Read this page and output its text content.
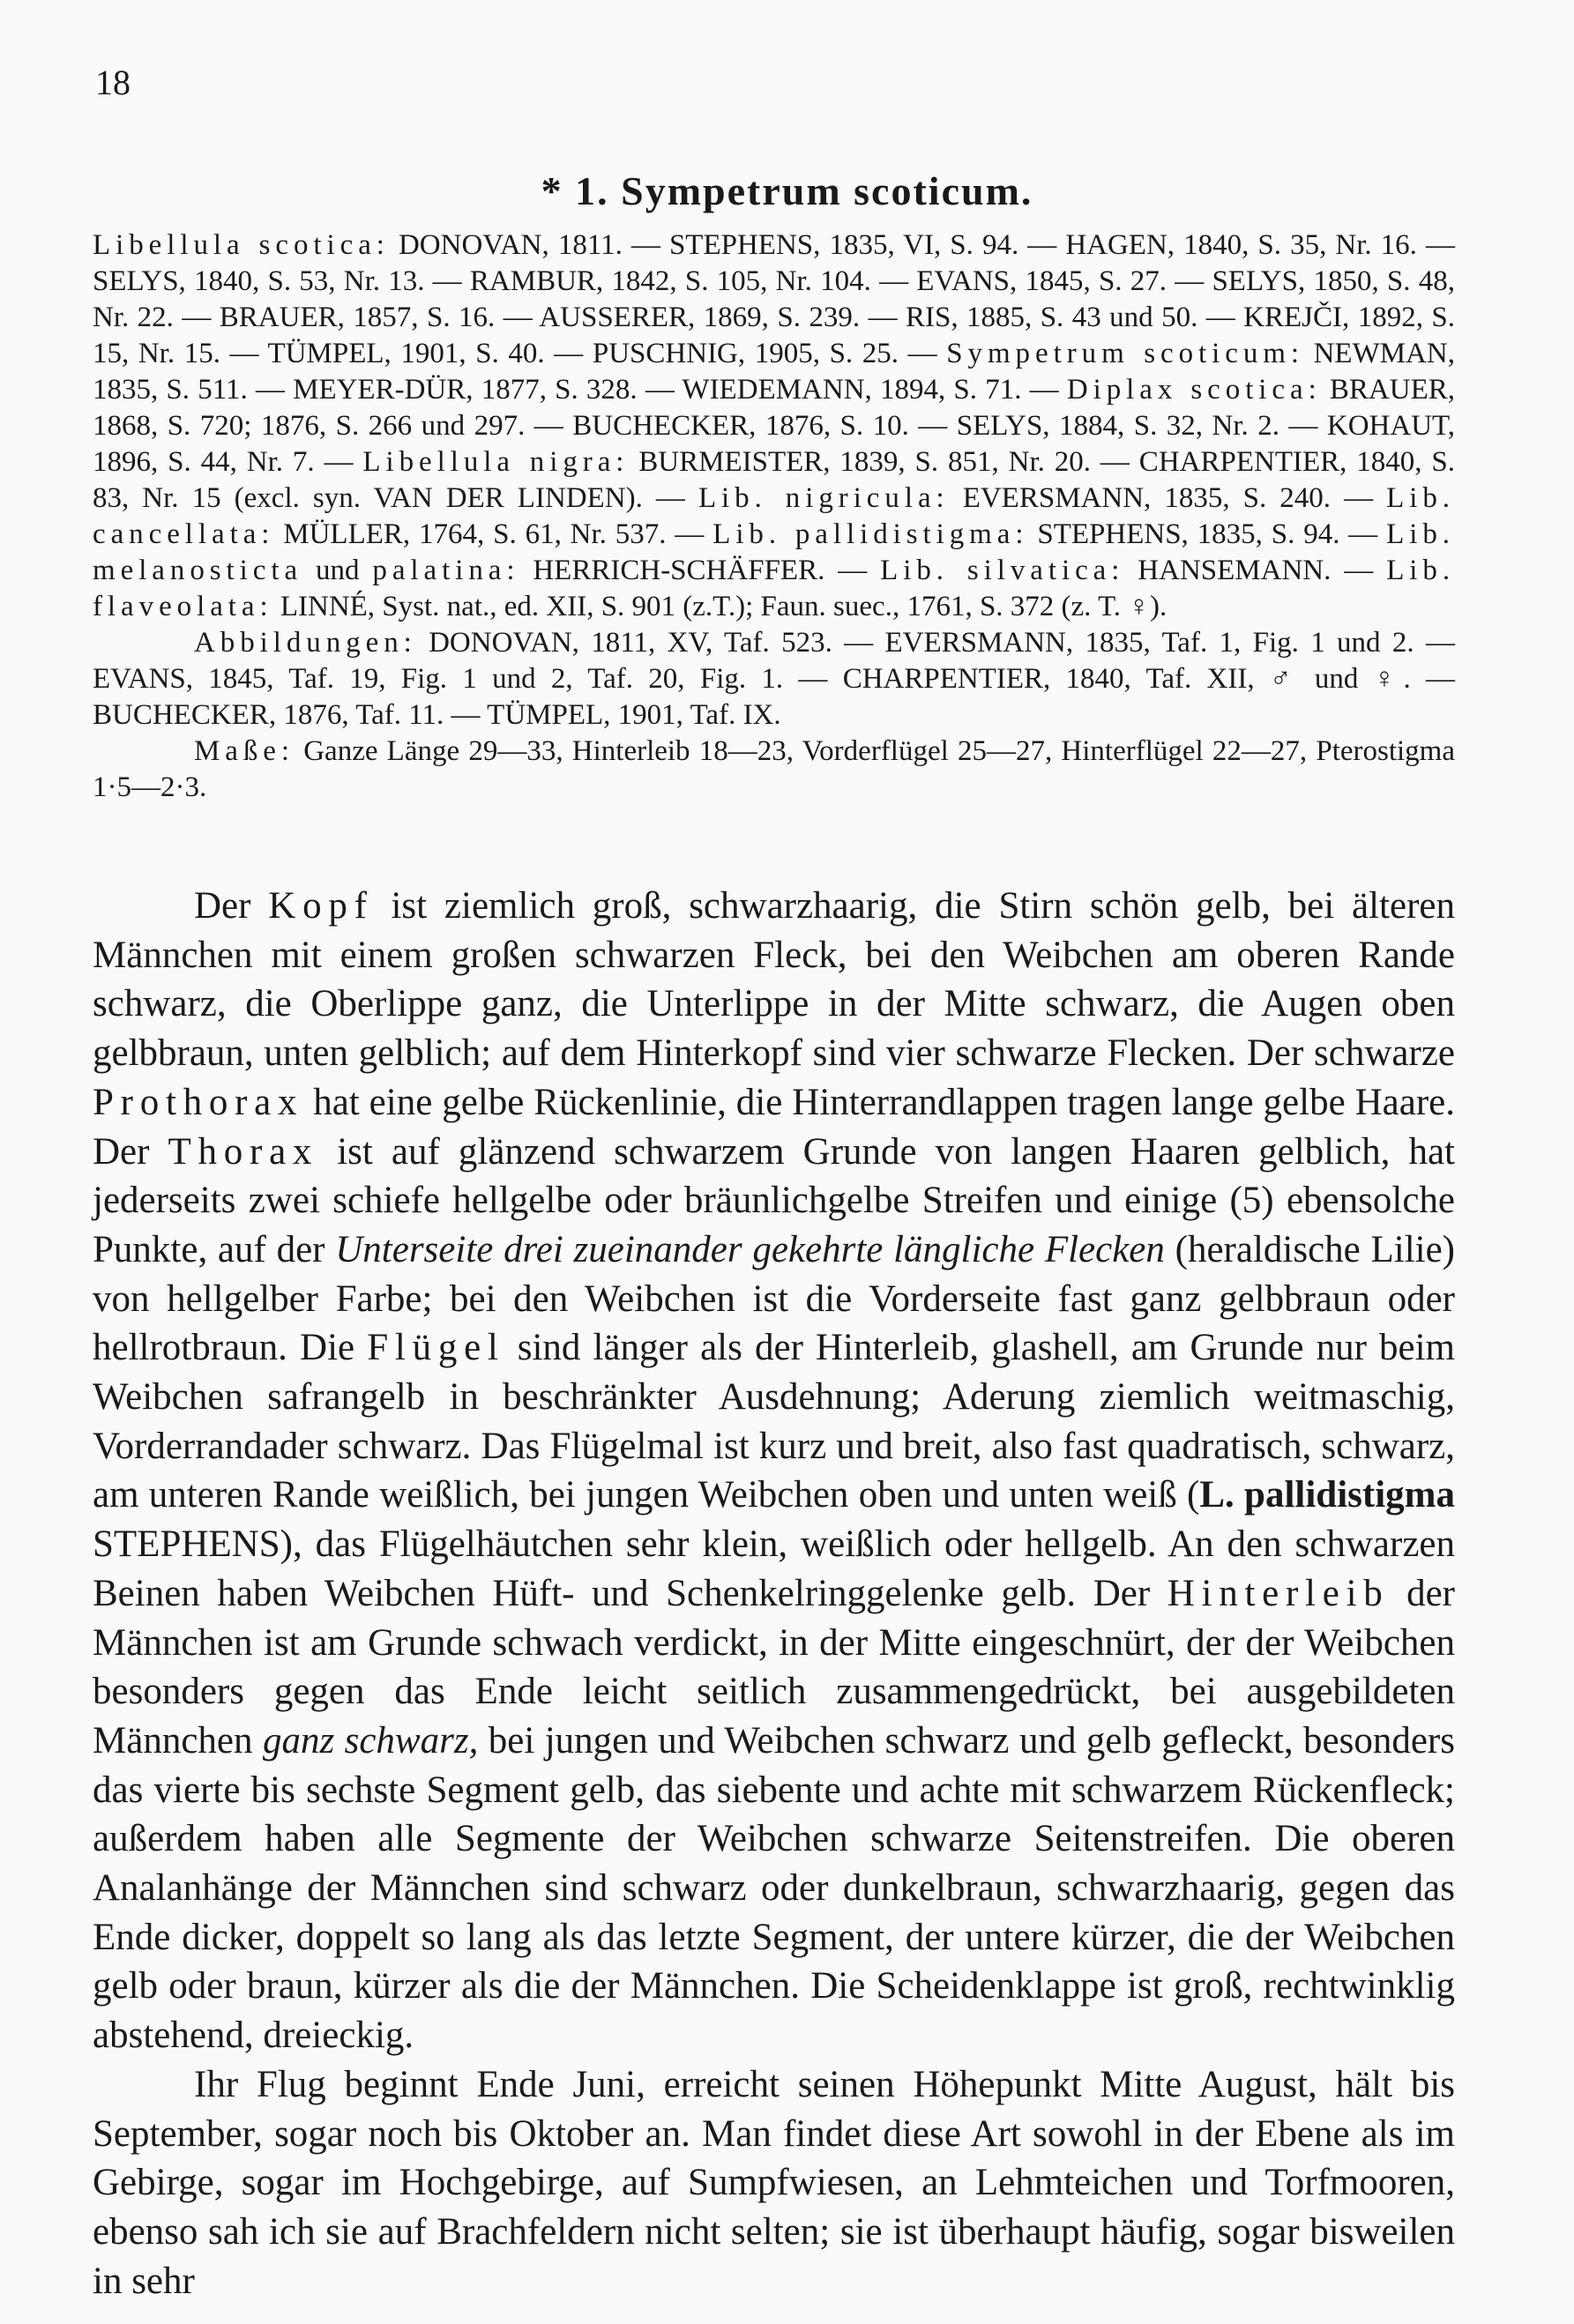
18
* 1. Sympetrum scoticum.

Libellula scotica: DONOVAN, 1811. — STEPHENS, 1835, VI, S. 94. — HAGEN, 1840, S. 35, Nr. 16. — SELYS, 1840, S. 53, Nr. 13. — RAMBUR, 1842, S. 105, Nr. 104. — EVANS, 1845, S. 27. — SELYS, 1850, S. 48, Nr. 22. — BRAUER, 1857, S. 16. — AUSSERER, 1869, S. 239. — RIS, 1885, S. 43 und 50. — KREJČI, 1892, S. 15, Nr. 15. — TÜMPEL, 1901, S. 40. — PUSCHNIG, 1905, S. 25. — Sympetrum scoticum: NEWMAN, 1835, S. 511. — MEYER-DÜR, 1877, S. 328. — WIEDEMANN, 1894, S. 71. — Diplax scotica: BRAUER, 1868, S. 720; 1876, S. 266 und 297. — BUCHECKER, 1876, S. 10. — SELYS, 1884, S. 32, Nr. 2. — KOHAUT, 1896, S. 44, Nr. 7. — Libellula nigra: BURMEISTER, 1839, S. 851, Nr. 20. — CHARPENTIER, 1840, S. 83, Nr. 15 (excl. syn. VAN DER LINDEN). — Lib. nigricula: EVERSMANN, 1835, S. 240. — Lib. cancellata: MÜLLER, 1764, S. 61, Nr. 537. — Lib. pallidistigma: STEPHENS, 1835, S. 94. — Lib. melanosticta und palatina: HERRICH-SCHÄFFER. — Lib. silvatica: HANSEMANN. — Lib. flaveolata: LINNÉ, Syst. nat., ed. XII, S. 901 (z.T.); Faun. suec., 1761, S. 372 (z. T. ♀).

Abbildungen: DONOVAN, 1811, XV, Taf. 523. — EVERSMANN, 1835, Taf. 1, Fig. 1 und 2. — EVANS, 1845, Taf. 19, Fig. 1 und 2, Taf. 20, Fig. 1. — CHARPENTIER, 1840, Taf. XII, ♂ und ♀. — BUCHECKER, 1876, Taf. 11. — TÜMPEL, 1901, Taf. IX.

Maße: Ganze Länge 29—33, Hinterleib 18—23, Vorderflügel 25—27, Hinterflügel 22—27, Pterostigma 1·5—2·3.

Der Kopf ist ziemlich groß, schwarzhaarig, die Stirn schön gelb, bei älteren Männchen mit einem großen schwarzen Fleck, bei den Weibchen am oberen Rande schwarz, die Oberlippe ganz, die Unterlippe in der Mitte schwarz, die Augen oben gelbbraun, unten gelblich; auf dem Hinterkopf sind vier schwarze Flecken. Der schwarze Prothorax hat eine gelbe Rückenlinie, die Hinterrandlappen tragen lange gelbe Haare. Der Thorax ist auf glänzend schwarzem Grunde von langen Haaren gelblich, hat jederseits zwei schiefe hellgelbe oder bräunlichgelbe Streifen und einige (5) ebensolche Punkte, auf der Unterseite drei zueinander gekehrte längliche Flecken (heraldische Lilie) von hellgelber Farbe; bei den Weibchen ist die Vorderseite fast ganz gelbbraun oder hellrotbraun. Die Flügel sind länger als der Hinterleib, glashell, am Grunde nur beim Weibchen safrangelb in beschränkter Ausdehnung; Aderung ziemlich weitmaschig, Vorderrandader schwarz. Das Flügelmal ist kurz und breit, also fast quadratisch, schwarz, am unteren Rande weißlich, bei jungen Weibchen oben und unten weiß (L. pallidistigma STEPHENS), das Flügelhäutchen sehr klein, weißlich oder hellgelb. An den schwarzen Beinen haben Weibchen Hüft- und Schenkelringgelenke gelb. Der Hinterleib der Männchen ist am Grunde schwach verdickt, in der Mitte eingeschnürt, der der Weibchen besonders gegen das Ende leicht seitlich zusammengedrückt, bei ausgebildeten Männchen ganz schwarz, bei jungen und Weibchen schwarz und gelb gefleckt, besonders das vierte bis sechste Segment gelb, das siebente und achte mit schwarzem Rückenfleck; außerdem haben alle Segmente der Weibchen schwarze Seitenstreifen. Die oberen Analanhänge der Männchen sind schwarz oder dunkelbraun, schwarzhaarig, gegen das Ende dicker, doppelt so lang als das letzte Segment, der untere kürzer, die der Weibchen gelb oder braun, kürzer als die der Männchen. Die Scheidenklappe ist groß, rechtwinklig abstehend, dreieckig.

Ihr Flug beginnt Ende Juni, erreicht seinen Höhepunkt Mitte August, hält bis September, sogar noch bis Oktober an. Man findet diese Art sowohl in der Ebene als im Gebirge, sogar im Hochgebirge, auf Sumpfwiesen, an Lehmteichen und Torfmooren, ebenso sah ich sie auf Brachfeldern nicht selten; sie ist überhaupt häufig, sogar bisweilen in sehr
